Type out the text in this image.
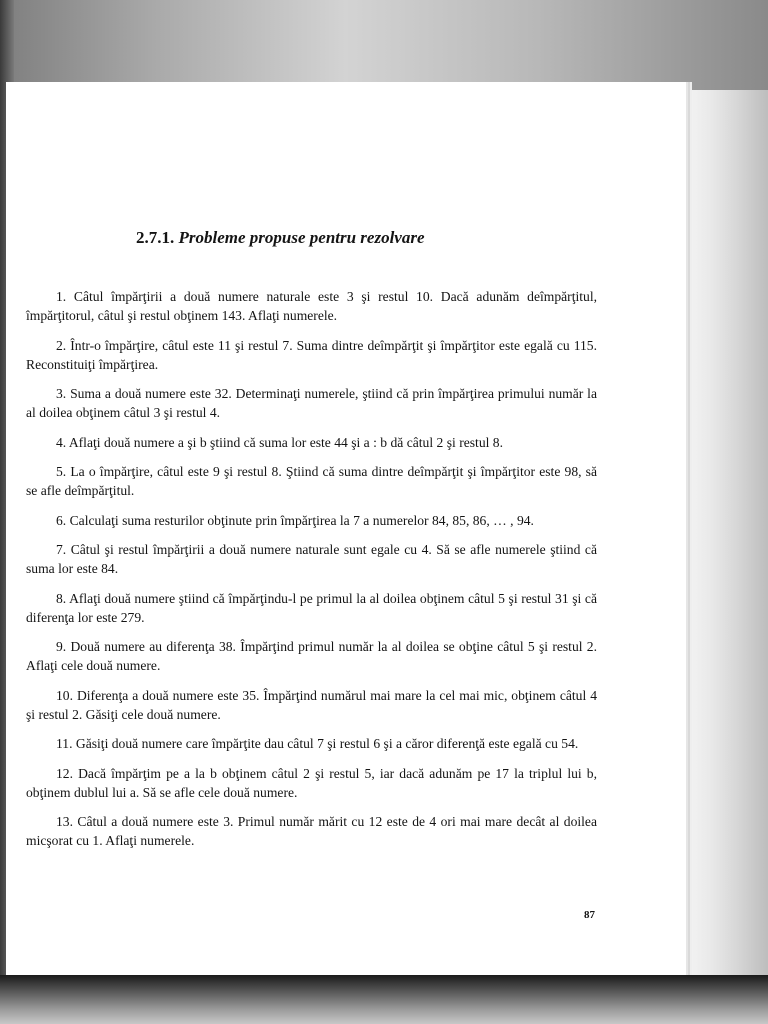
2.7.1. Probleme propuse pentru rezolvare
1. Câtul împărţirii a două numere naturale este 3 şi restul 10. Dacă adunăm deîmpărţitul, împărţitorul, câtul şi restul obţinem 143. Aflaţi numerele.
2. Într-o împărţire, câtul este 11 şi restul 7. Suma dintre deîmpărţit şi împărţitor este egală cu 115. Reconstituiţi împărţirea.
3. Suma a două numere este 32. Determinaţi numerele, ştiind că prin împărţirea primului număr la al doilea obţinem câtul 3 şi restul 4.
4. Aflaţi două numere a şi b ştiind că suma lor este 44 şi a : b dă câtul 2 şi restul 8.
5. La o împărţire, câtul este 9 şi restul 8. Ştiind că suma dintre deîmpărţit şi împărţitor este 98, să se afle deîmpărţitul.
6. Calculaţi suma resturilor obţinute prin împărţirea la 7 a numerelor 84, 85, 86, … , 94.
7. Câtul şi restul împărţirii a două numere naturale sunt egale cu 4. Să se afle numerele ştiind că suma lor este 84.
8. Aflaţi două numere ştiind că împărţindu-l pe primul la al doilea obţinem câtul 5 şi restul 31 şi că diferenţa lor este 279.
9. Două numere au diferenţa 38. Împărţind primul număr la al doilea se obţine câtul 5 şi restul 2. Aflaţi cele două numere.
10. Diferenţa a două numere este 35. Împărţind numărul mai mare la cel mai mic, obţinem câtul 4 şi restul 2. Găsiţi cele două numere.
11. Găsiţi două numere care împărţite dau câtul 7 şi restul 6 şi a căror diferenţă este egală cu 54.
12. Dacă împărţim pe a la b obţinem câtul 2 şi restul 5, iar dacă adunăm pe 17 la triplul lui b, obţinem dublul lui a. Să se afle cele două numere.
13. Câtul a două numere este 3. Primul număr mărit cu 12 este de 4 ori mai mare decât al doilea micşorat cu 1. Aflaţi numerele.
87
